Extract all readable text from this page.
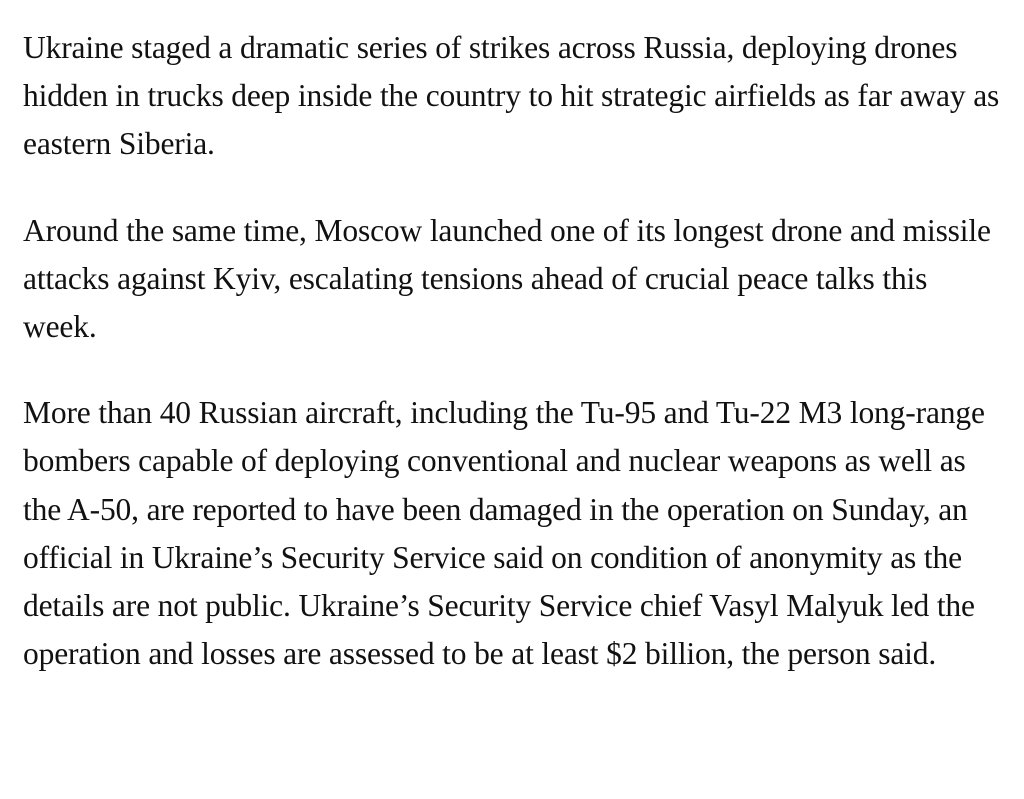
Ukraine staged a dramatic series of strikes across Russia, deploying drones hidden in trucks deep inside the country to hit strategic airfields as far away as eastern Siberia.

Around the same time, Moscow launched one of its longest drone and missile attacks against Kyiv, escalating tensions ahead of crucial peace talks this week.

More than 40 Russian aircraft, including the Tu-95 and Tu-22 M3 long-range bombers capable of deploying conventional and nuclear weapons as well as the A-50, are reported to have been damaged in the operation on Sunday, an official in Ukraine’s Security Service said on condition of anonymity as the details are not public. Ukraine’s Security Service chief Vasyl Malyuk led the operation and losses are assessed to be at least $2 billion, the person said.
